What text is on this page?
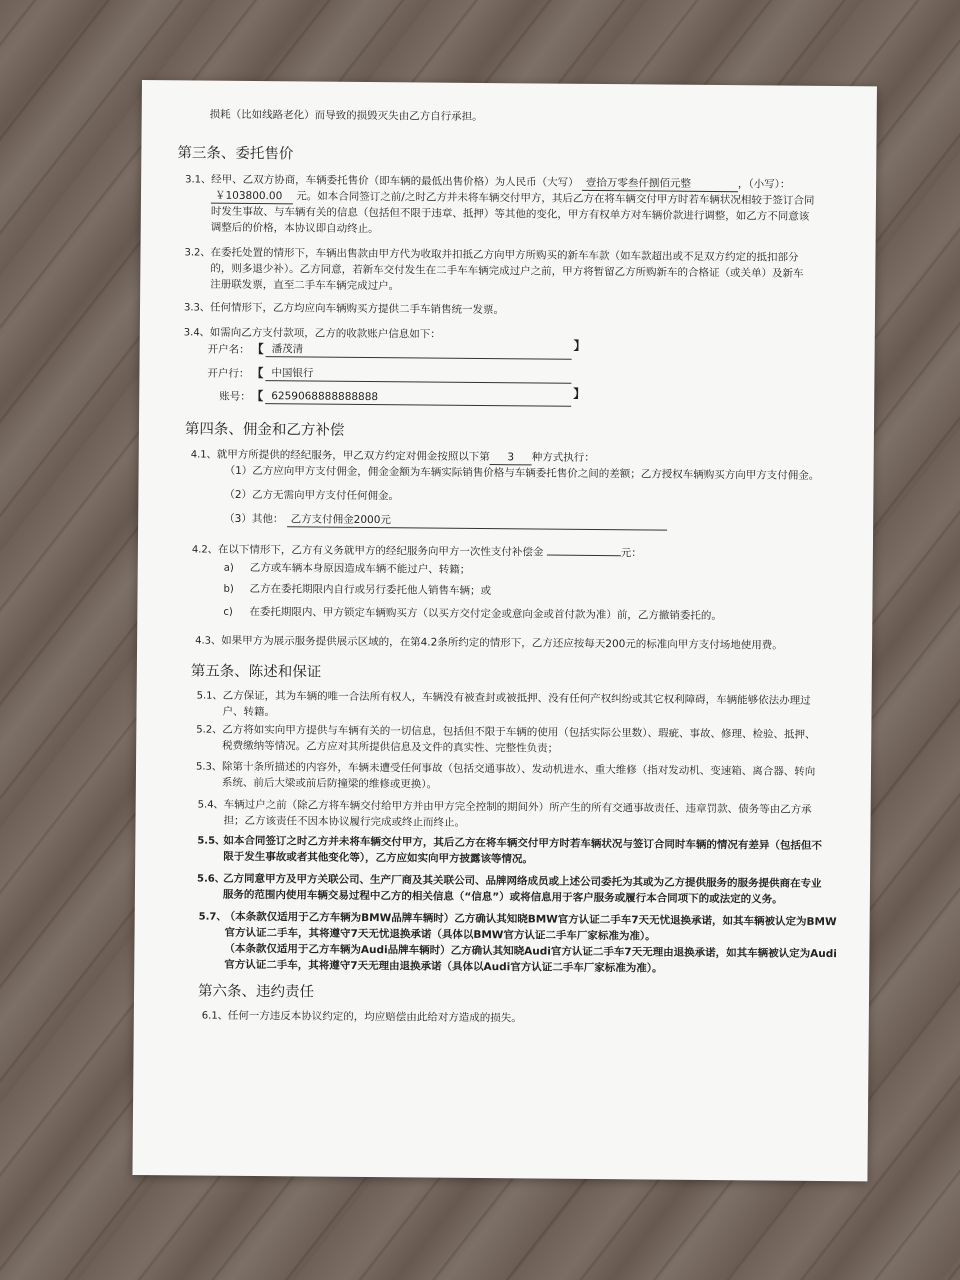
损耗（比如线路老化）而导致的损毁灭失由乙方自行承担。
第三条、委托售价
3.1、 经甲、乙双方协商，车辆委托售价（即车辆的最低出售价格）为人民币（大写） 壹拾万零叁仟捌佰元整	，（小写）：
￥103800.00 元。如本合同签订之前/之时乙方并未将车辆交付甲方，其后乙方在将车辆交付甲方时若车辆状况相较于签订合同
时发生事故、与车辆有关的信息（包括但不限于违章、抵押）等其他的变化，甲方有权单方对车辆价款进行调整，如乙方不同意该
调整后的价格，本协议即自动终止。
3.2、 在委托处置的情形下，车辆出售款由甲方代为收取并扣抵乙方向甲方所购买的新车车款（如车款超出或不足双方约定的抵扣部分
的，则多退少补）。乙方同意，若新车交付发生在二手车车辆完成过户之前，甲方将暂留乙方所购新车的合格证（或关单）及新车
注册联发票，直至二手车车辆完成过户。
3.3、 任何情形下，乙方均应向车辆购买方提供二手车销售统一发票。
3.4、 如需向乙方支付款项，乙方的收款账户信息如下：
开户名： 【 潘茂清	】
开户行： 【 中国银行
账号： 【 6259068888888888	】
第四条、佣金和乙方补偿
4.1、 就甲方所提供的经纪服务，甲乙双方约定对佣金按照以下第 3 种方式执行：
（1）乙方应向甲方支付佣金，佣金金额为车辆实际销售价格与车辆委托售价之间的差额；乙方授权车辆购买方向甲方支付佣金。
（2）乙方无需向甲方支付任何佣金。
（3）其他： 乙方支付佣金2000元
4.2、 在以下情形下，乙方有义务就甲方的经纪服务向甲方一次性支付补偿金	元：
a) 乙方或车辆本身原因造成车辆不能过户、转籍；
b) 乙方在委托期限内自行或另行委托他人销售车辆；或
c) 在委托期限内、甲方锁定车辆购买方（以买方交付定金或意向金或首付款为准）前，乙方撤销委托的。
4.3、 如果甲方为展示服务提供展示区域的，在第4.2条所约定的情形下，乙方还应按每天200元的标准向甲方支付场地使用费。
第五条、陈述和保证
5.1、 乙方保证，其为车辆的唯一合法所有权人，车辆没有被查封或被抵押、没有任何产权纠纷或其它权利障碍，车辆能够依法办理过
户、转籍。
5.2、 乙方将如实向甲方提供与车辆有关的一切信息，包括但不限于车辆的使用（包括实际公里数）、瑕疵、事故、修理、检验、抵押、
税费缴纳等情况。乙方应对其所提供信息及文件的真实性、完整性负责；
5.3、 除第十条所描述的内容外，车辆未遭受任何事故（包括交通事故）、发动机进水、重大维修（指对发动机、变速箱、离合器、转向
系统、前后大梁或前后防撞梁的维修或更换）。
5.4、 车辆过户之前（除乙方将车辆交付给甲方并由甲方完全控制的期间外）所产生的所有交通事故责任、违章罚款、债务等由乙方承
担；乙方该责任不因本协议履行完成或终止而终止。
5.5、
如本合同签订之时乙方并未将车辆交付甲方，其后乙方在将车辆交付甲方时若车辆状况与签订合同时车辆的情况有差异（包括但不
限于发生事故或者其他变化等），乙方应如实向甲方披露该等情况。
5.6、
乙方同意甲方及甲方关联公司、生产厂商及其关联公司、品牌网络成员或上述公司委托为其或为乙方提供服务的服务提供商在专业
服务的范围内使用车辆交易过程中乙方的相关信息（“信息”）或将信息用于客户服务或履行本合同项下的或法定的义务。
5.7、
（本条款仅适用于乙方车辆为BMW品牌车辆时）乙方确认其知晓BMW官方认证二手车7天无忧退换承诺，如其车辆被认定为BMW
官方认证二手车，其将遵守7天无忧退换承诺（具体以BMW官方认证二手车厂家标准为准）。
（本条款仅适用于乙方车辆为Audi品牌车辆时）乙方确认其知晓Audi官方认证二手车7天无理由退换承诺，如其车辆被认定为Audi
官方认证二手车，其将遵守7天无理由退换承诺（具体以Audi官方认证二手车厂家标准为准）。
第六条、违约责任
6.1、 任何一方违反本协议约定的，均应赔偿由此给对方造成的损失。
